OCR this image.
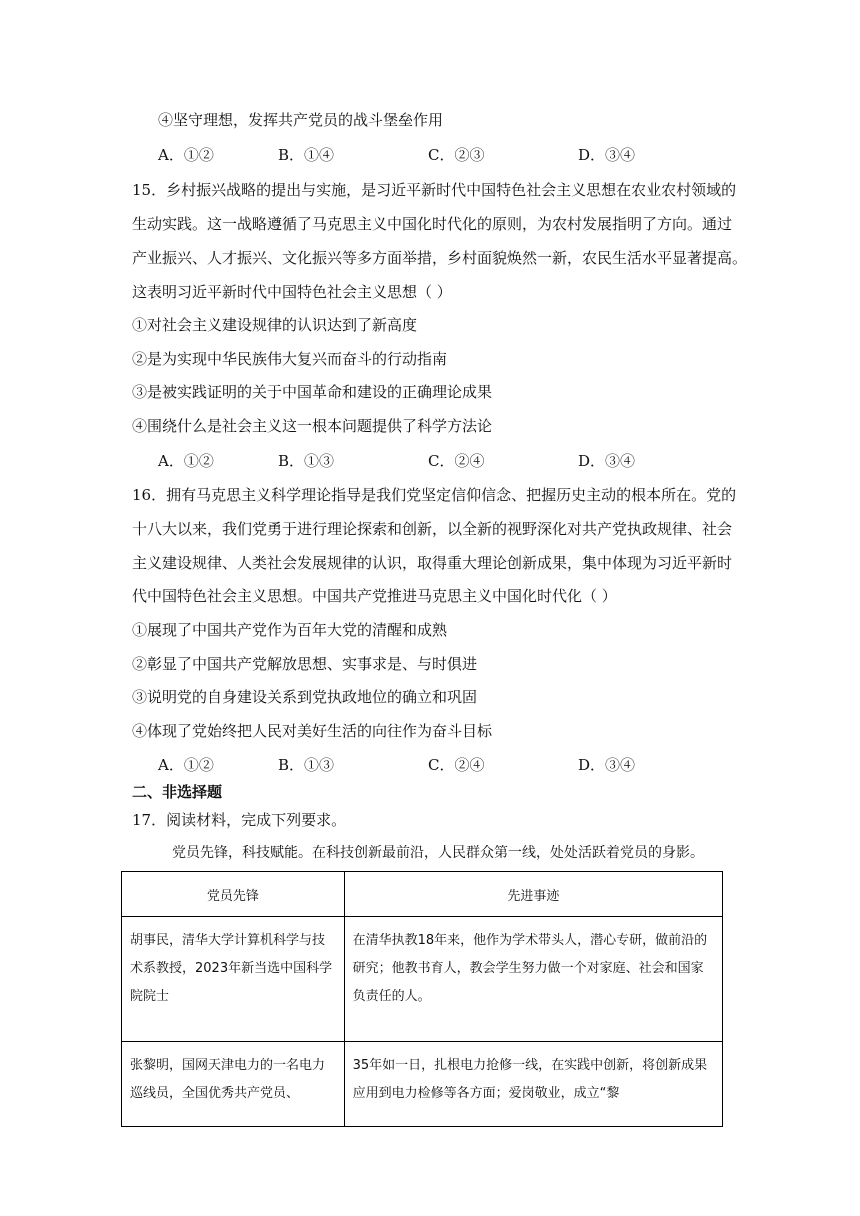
④坚守理想，发挥共产党员的战斗堡垒作用
A．①②	B．①④	C．②③	D．③④
15．乡村振兴战略的提出与实施，是习近平新时代中国特色社会主义思想在农业农村领域的
生动实践。这一战略遵循了马克思主义中国化时代化的原则，为农村发展指明了方向。通过
产业振兴、人才振兴、文化振兴等多方面举措，乡村面貌焕然一新，农民生活水平显著提高。
这表明习近平新时代中国特色社会主义思想（ ）
①对社会主义建设规律的认识达到了新高度
②是为实现中华民族伟大复兴而奋斗的行动指南
③是被实践证明的关于中国革命和建设的正确理论成果
④围绕什么是社会主义这一根本问题提供了科学方法论
A．①②	B．①③	C．②④	D．③④
16．拥有马克思主义科学理论指导是我们党坚定信仰信念、把握历史主动的根本所在。党的
十八大以来，我们党勇于进行理论探索和创新，以全新的视野深化对共产党执政规律、社会
主义建设规律、人类社会发展规律的认识，取得重大理论创新成果，集中体现为习近平新时
代中国特色社会主义思想。中国共产党推进马克思主义中国化时代化（ ）
①展现了中国共产党作为百年大党的清醒和成熟
②彰显了中国共产党解放思想、实事求是、与时俱进
③说明党的自身建设关系到党执政地位的确立和巩固
④体现了党始终把人民对美好生活的向往作为奋斗目标
A．①②	B．①③	C．②④	D．③④
二、非选择题
17．阅读材料，完成下列要求。
党员先锋，科技赋能。在科技创新最前沿，人民群众第一线，处处活跃着党员的身影。
党员先锋	先进事迹

胡事民，清华大学计算机科学与技术系教授，2023年新当选中国科学院院士	在清华执教18年来，他作为学术带头人，潜心专研，做前沿的研究；他教书育人，教会学生努力做一个对家庭、社会和国家负责任的人。

张黎明，国网天津电力的一名电力巡线员，全国优秀共产党员、	35年如一日，扎根电力抢修一线，在实践中创新，将创新成果应用到电力检修等各方面；爱岗敬业，成立“黎
